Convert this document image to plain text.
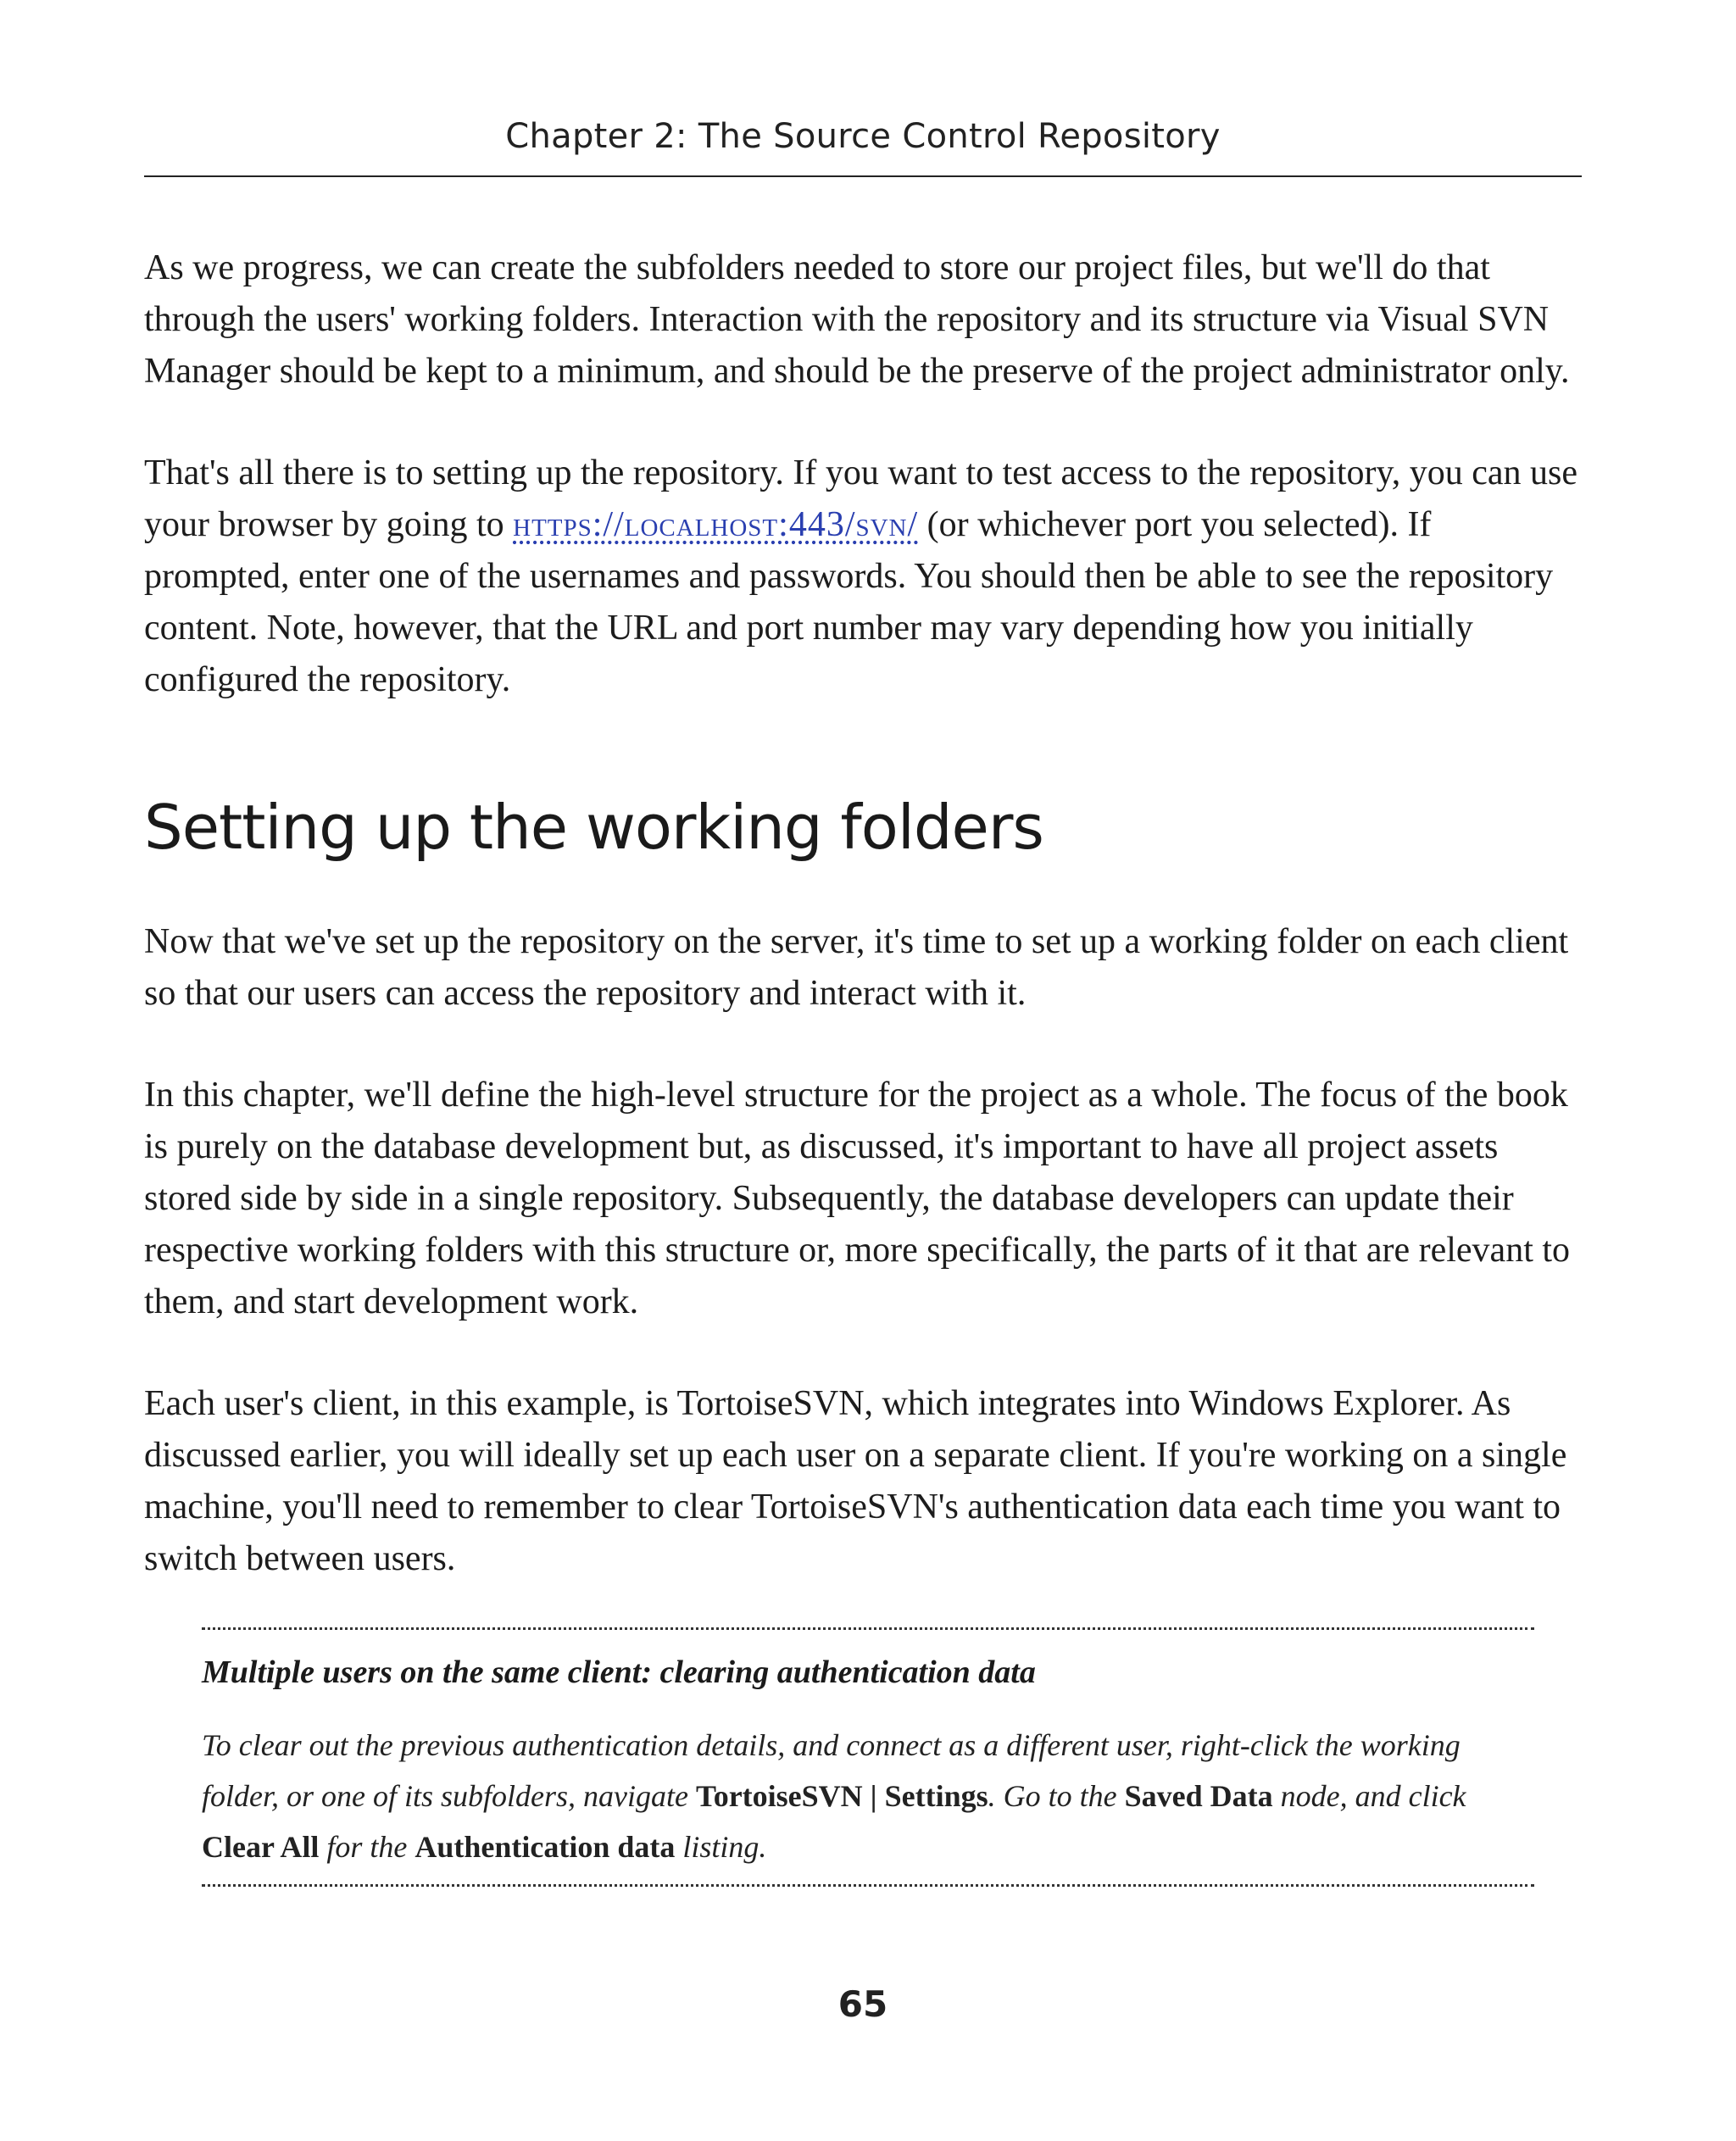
Chapter 2: The Source Control Repository

As we progress, we can create the subfolders needed to store our project files, but we'll do that through the users' working folders. Interaction with the repository and its structure via Visual SVN Manager should be kept to a minimum, and should be the preserve of the project administrator only.

That's all there is to setting up the repository. If you want to test access to the repository, you can use your browser by going to https://localhost:443/svn/ (or whichever port you selected). If prompted, enter one of the usernames and passwords. You should then be able to see the repository content. Note, however, that the URL and port number may vary depending how you initially configured the repository.

Setting up the working folders

Now that we've set up the repository on the server, it's time to set up a working folder on each client so that our users can access the repository and interact with it.

In this chapter, we'll define the high-level structure for the project as a whole. The focus of the book is purely on the database development but, as discussed, it's important to have all project assets stored side by side in a single repository. Subsequently, the database developers can update their respective working folders with this structure or, more specifically, the parts of it that are relevant to them, and start development work.

Each user's client, in this example, is TortoiseSVN, which integrates into Windows Explorer. As discussed earlier, you will ideally set up each user on a separate client. If you're working on a single machine, you'll need to remember to clear TortoiseSVN's authentication data each time you want to switch between users.

Multiple users on the same client: clearing authentication data

To clear out the previous authentication details, and connect as a different user, right-click the working folder, or one of its subfolders, navigate TortoiseSVN | Settings. Go to the Saved Data node, and click Clear All for the Authentication data listing.

65
